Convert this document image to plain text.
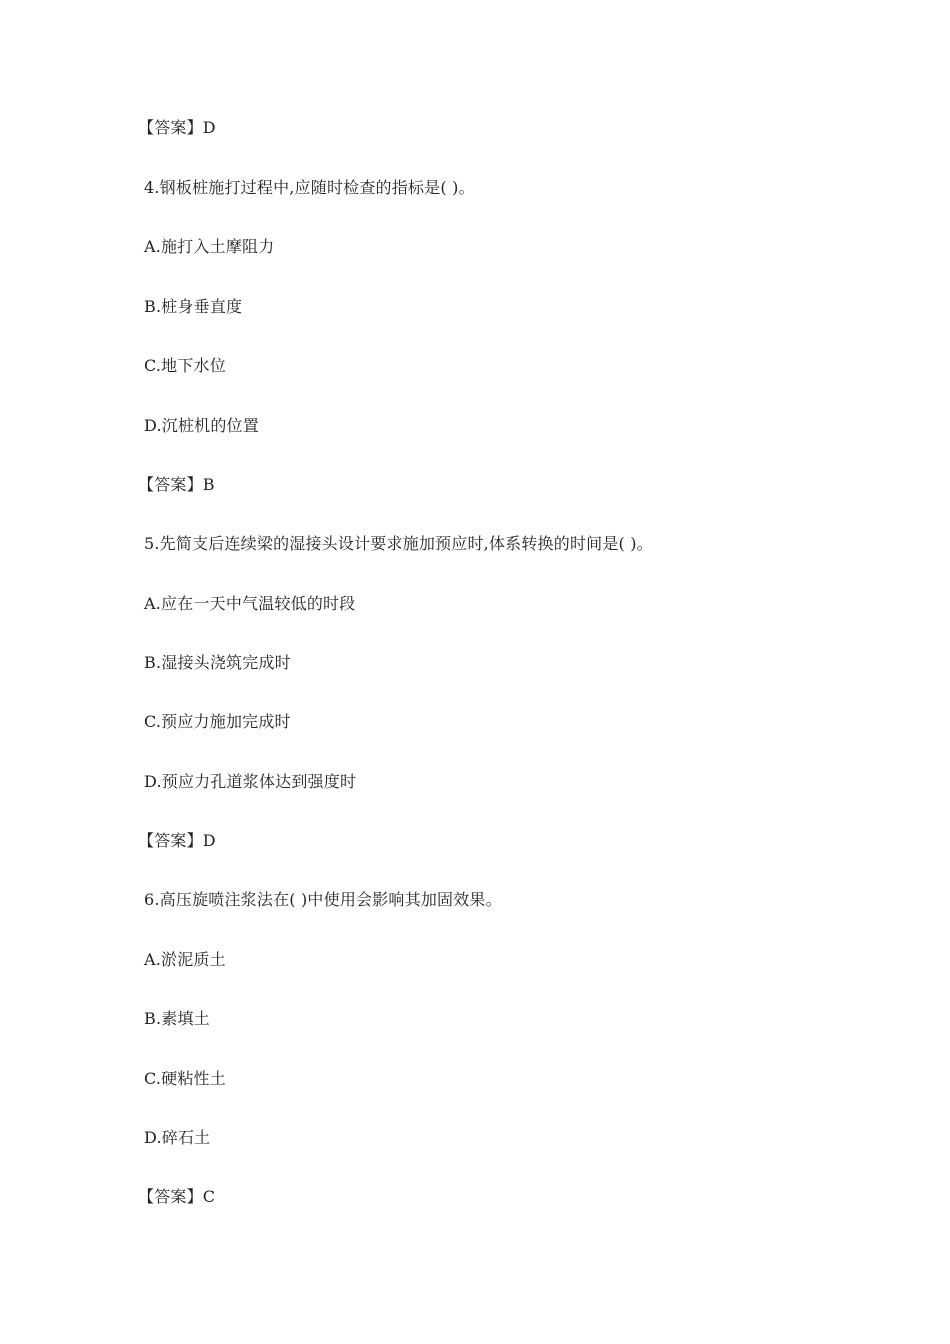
【答案】D
4.钢板桩施打过程中,应随时检查的指标是( )。
A.施打入土摩阻力
B.桩身垂直度
C.地下水位
D.沉桩机的位置
【答案】B
5.先简支后连续梁的湿接头设计要求施加预应时,体系转换的时间是( )。
A.应在一天中气温较低的时段
B.湿接头浇筑完成时
C.预应力施加完成时
D.预应力孔道浆体达到强度时
【答案】D
6.高压旋喷注浆法在( )中使用会影响其加固效果。
A.淤泥质土
B.素填土
C.硬粘性土
D.碎石土
【答案】C
